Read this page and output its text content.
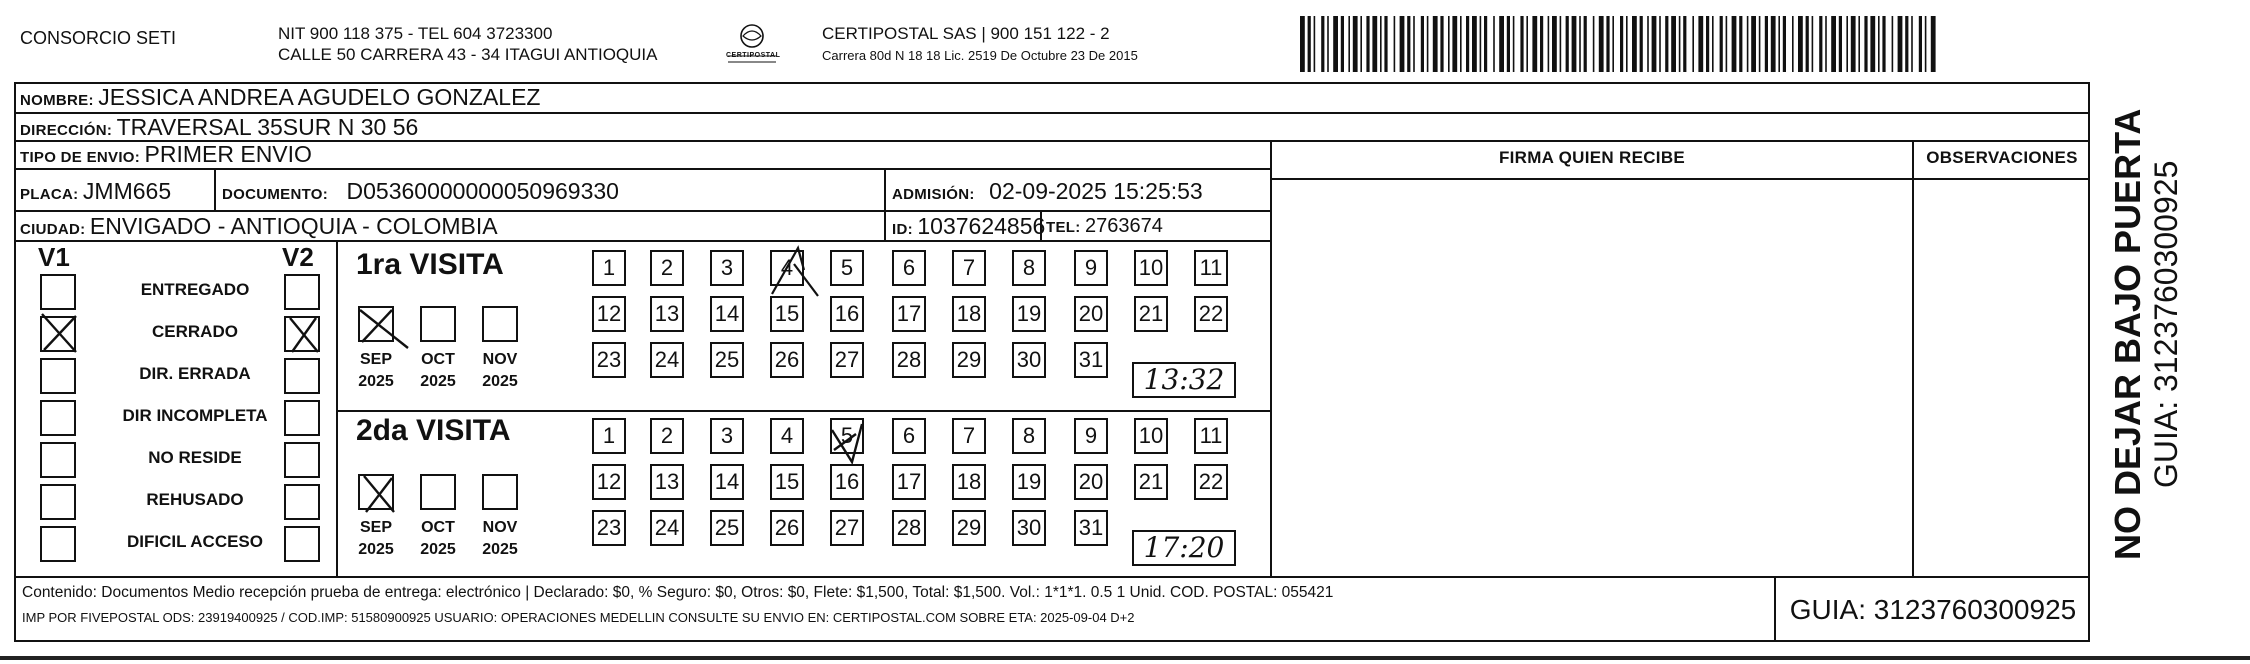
CONSORCIO SETI	NIT 900 118 375 - TEL 604 3723300
CALLE 50 CARRERA 43 - 34 ITAGUI ANTIOQUIA	CERTIPOSTAL
CERTIPOSTAL SAS | 900 151 122 - 2
Carrera 80d N 18 18 Lic. 2519 De Octubre 23 De 2015
NOMBRE: JESSICA ANDREA AGUDELO GONZALEZ
DIRECCIÓN: TRAVERSAL 35SUR N 30 56
TIPO DE ENVIO: PRIMER ENVIO
PLACA: JMM665	DOCUMENTO: D05360000000050969330	ADMISIÓN: 02-09-2025 15:25:53
CIUDAD: ENVIGADO - ANTIOQUIA - COLOMBIA	ID: 1037624856 TEL: 2763674
FIRMA QUIEN RECIBE	OBSERVACIONES
V1	V2
ENTREGADO
CERRADO
DIR. ERRADA
DIR INCOMPLETA
NO RESIDE
REHUSADO
DIFICIL ACCESO
1ra VISITA
SEP
2025
OCT
2025
NOV
2025
1	2	3	4	5	6	7	8	9	10 11
12 13 14 15 16 17 18 19 20 21 22
23 24 25 26 27 28 29 30 31
13:32
2da VISITA
SEP
2025
OCT
2025
NOV
2025
1	2	3	4	5	6	7	8	9	10 11
12 13 14 15 16 17 18 19 20 21 22
23 24 25 26 27 28 29 30 31
17:20
Contenido: Documentos Medio recepción prueba de entrega: electrónico | Declarado: $0, % Seguro: $0, Otros: $0, Flete: $1,500, Total: $1,500. Vol.: 1*1*1. 0.5 1 Unid. COD. POSTAL: 055421
IMP POR FIVEPOSTAL ODS: 23919400925 / COD.IMP: 51580900925 USUARIO: OPERACIONES MEDELLIN CONSULTE SU ENVIO EN: CERTIPOSTAL.COM SOBRE ETA: 2025-09-04 D+2	GUIA: 3123760300925
NO DEJAR BAJO PUERTA GUIA: 3123760300925
